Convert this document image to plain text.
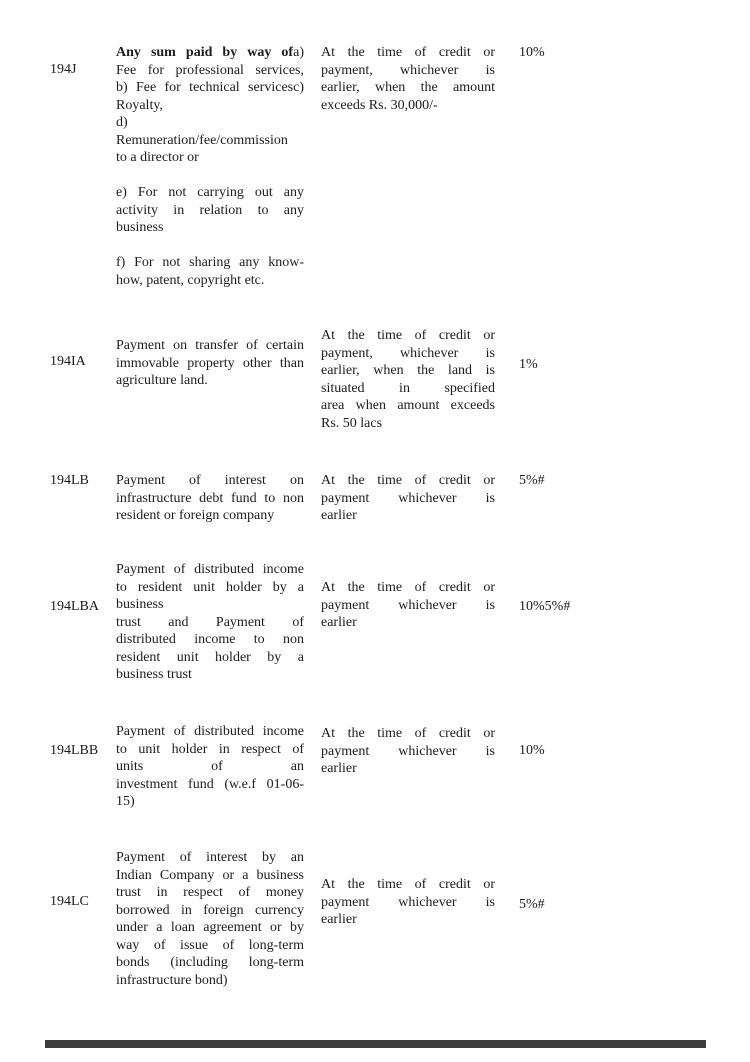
194J
Any sum paid by way ofa)
Fee for professional services,
b) Fee for technical servicesc)
Royalty,
d)
Remuneration/fee/commission
to a director or
e) For not carrying out any
activity in relation to any
business
f) For not sharing any know-
how, patent, copyright etc.
At the time of credit or
payment, whichever is
earlier, when the amount
exceeds Rs. 30,000/-
10%
194IA
Payment on transfer of certain
immovable property other than
agriculture land.
At the time of credit or
payment, whichever is
earlier, when the land is
situated in specified
area when amount exceeds
Rs. 50 lacs
1%
194LB	Payment of interest on
infrastructure debt fund to non
resident or foreign company
At the time of credit or
payment whichever is
earlier
5%#
194LBA
Payment of distributed income
to resident unit holder by a
business
trust and Payment of
distributed income to non
resident unit holder by a
business trust
At the time of credit or
payment whichever is
earlier
10%5%#
194LBB
Payment of distributed income
to unit holder in respect of
units of an
investment fund (w.e.f 01-06-
15)
At the time of credit or
payment whichever is
earlier
10%
194LC
Payment of interest by an
Indian Company or a business
trust in respect of money
borrowed in foreign currency
under a loan agreement or by
way of issue of long-term
bonds (including long-term
infrastructure bond)
At the time of credit or
payment whichever is
earlier
5%#
